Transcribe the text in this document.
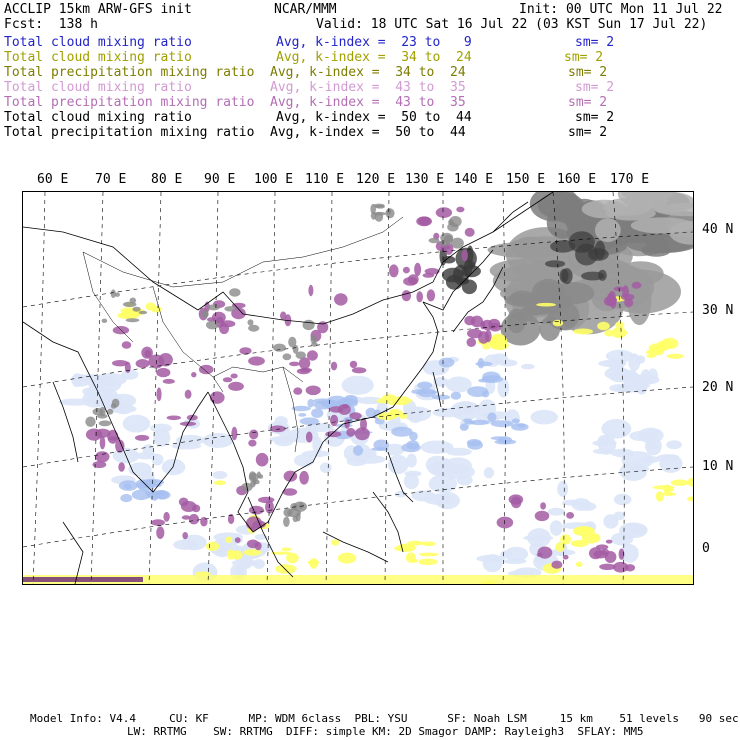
ACCLIP 15km ARW-GFS init	NCAR/MMM	Init: 00 UTC Mon 11 Jul 22
Fcst:  138 h	Valid: 18 UTC Sat 16 Jul 22 (03 KST Sun 17 Jul 22)
Total cloud mixing ratio	Avg, k-index =  23 to   9	sm= 2
Total cloud mixing ratio	Avg, k-index =  34 to  24	sm= 2
Total precipitation mixing ratio Avg, k-index =  34 to  24	sm= 2
Total cloud mixing ratio	Avg, k-index =  43 to  35	sm= 2
Total precipitation mixing ratio Avg, k-index =  43 to  35	sm= 2
Total cloud mixing ratio	Avg, k-index =  50 to  44	sm= 2
Total precipitation mixing ratio Avg, k-index =  50 to  44	sm= 2
60 E 70 E 80 E 90 E 100 E 110 E 120 E 130 E 140 E 150 E 160 E 170 E
40 N
30 N
20 N
10 N
0
Model Info: V4.4     CU: KF      MP: WDM 6class  PBL: YSU      SF: Noah LSM     15 km    51 levels   90 sec
LW: RRTMG    SW: RRTMG  DIFF: simple KM: 2D Smagor DAMP: Rayleigh3  SFLAY: MM5
